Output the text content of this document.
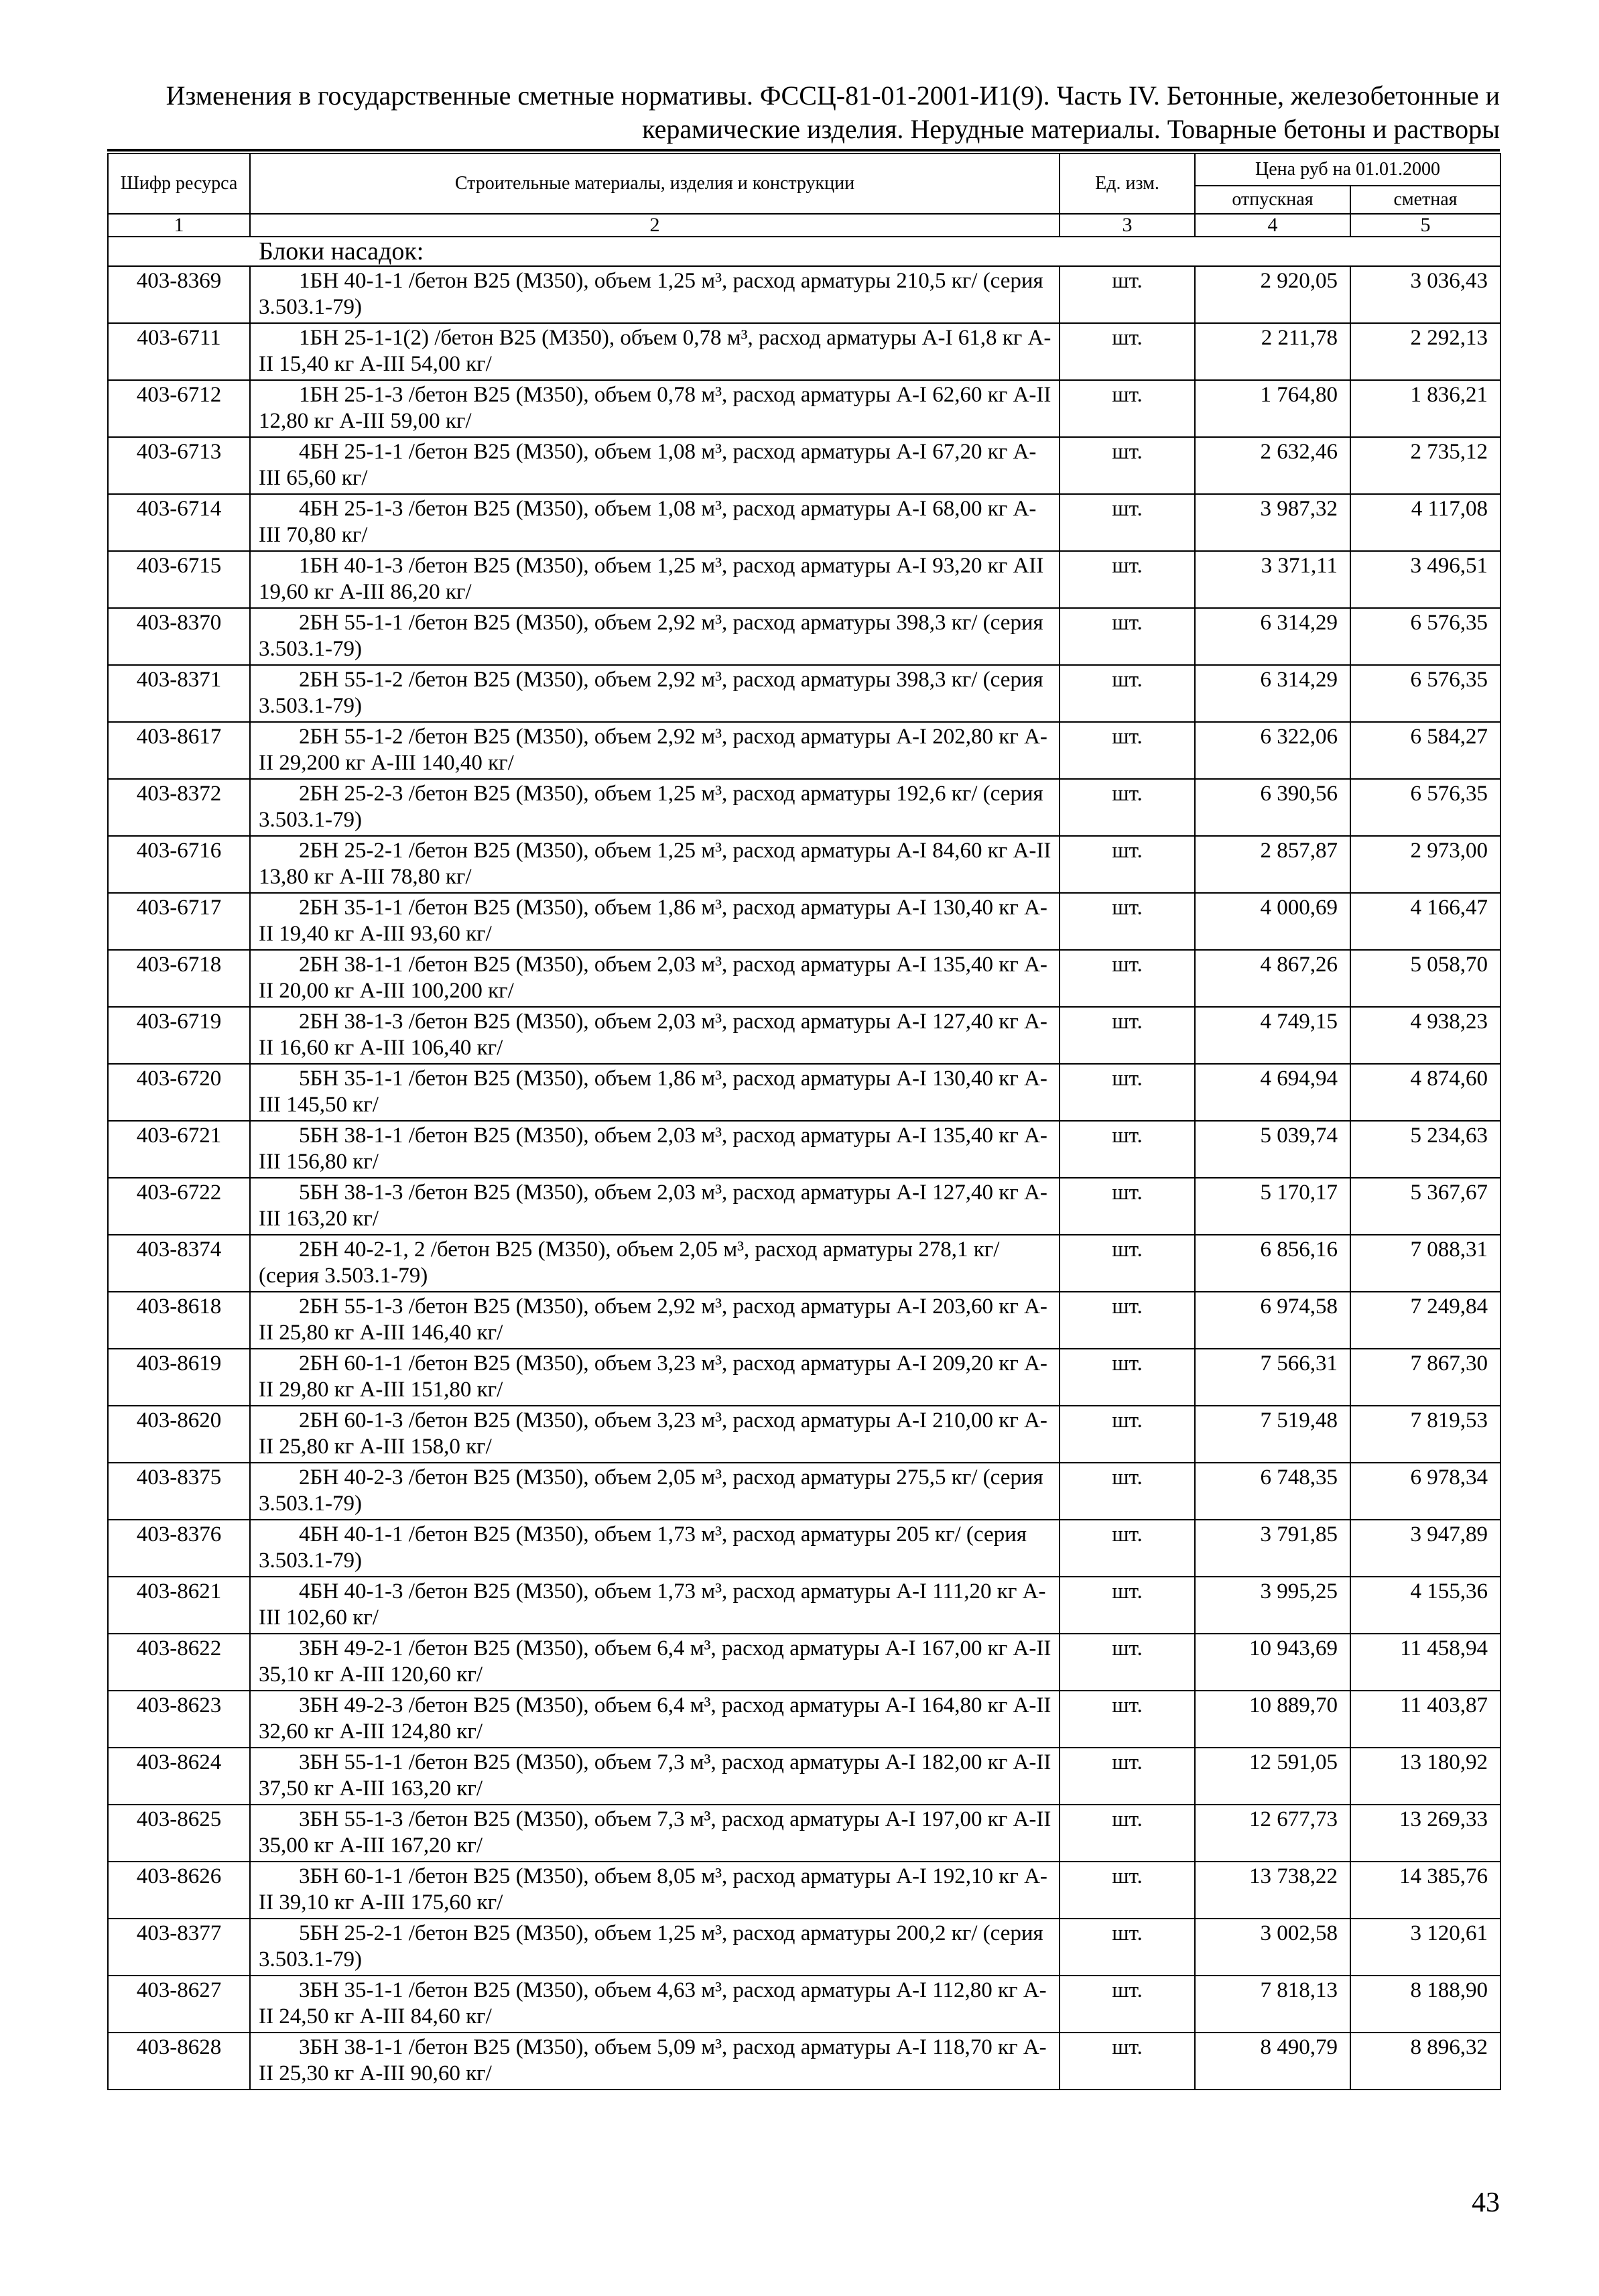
Изменения в государственные сметные нормативы. ФССЦ-81-01-2001-И1(9). Часть IV. Бетонные, железобетонные и
керамические изделия. Нерудные материалы. Товарные бетоны и растворы
Шифр ресурса	Строительные материалы, изделия и конструкции	Ед. изм.	Цена руб на 01.01.2000	
			отпускная	сметная
1	2	3	4	5
Блоки насадок:				
403-8369	1БН 40-1-1 /бетон В25 (М350), объем 1,25 м³, расход арматуры 210,5 кг/ (серия 3.503.1-79)	шт.	2 920,05	3 036,43
403-6711	1БН 25-1-1(2) /бетон В25 (М350), объем 0,78 м³, расход арматуры А-I 61,8 кг А-II 15,40 кг А-III 54,00 кг/	шт.	2 211,78	2 292,13
403-6712	1БН 25-1-3 /бетон В25 (М350), объем 0,78 м³, расход арматуры А-I 62,60 кг А-II 12,80 кг А-III 59,00 кг/	шт.	1 764,80	1 836,21
403-6713	4БН 25-1-1 /бетон В25 (М350), объем 1,08 м³, расход арматуры А-I 67,20 кг А-III 65,60 кг/	шт.	2 632,46	2 735,12
403-6714	4БН 25-1-3 /бетон В25 (М350), объем 1,08 м³, расход арматуры А-I 68,00 кг А-III 70,80 кг/	шт.	3 987,32	4 117,08
403-6715	1БН 40-1-3 /бетон В25 (М350), объем 1,25 м³, расход арматуры А-I 93,20 кг АII 19,60 кг А-III 86,20 кг/	шт.	3 371,11	3 496,51
403-8370	2БН 55-1-1 /бетон В25 (М350), объем 2,92 м³, расход арматуры 398,3 кг/ (серия 3.503.1-79)	шт.	6 314,29	6 576,35
403-8371	2БН 55-1-2 /бетон В25 (М350), объем 2,92 м³, расход арматуры 398,3 кг/ (серия 3.503.1-79)	шт.	6 314,29	6 576,35
403-8617	2БН 55-1-2 /бетон В25 (М350), объем 2,92 м³, расход арматуры А-I 202,80 кг А-II 29,200 кг А-III 140,40 кг/	шт.	6 322,06	6 584,27
403-8372	2БН 25-2-3 /бетон В25 (М350), объем 1,25 м³, расход арматуры 192,6 кг/ (серия 3.503.1-79)	шт.	6 390,56	6 576,35
403-6716	2БН 25-2-1 /бетон В25 (М350), объем 1,25 м³, расход арматуры А-I 84,60 кг А-II 13,80 кг А-III 78,80 кг/	шт.	2 857,87	2 973,00
403-6717	2БН 35-1-1 /бетон В25 (М350), объем 1,86 м³, расход арматуры А-I 130,40 кг А-II 19,40 кг А-III 93,60 кг/	шт.	4 000,69	4 166,47
403-6718	2БН 38-1-1 /бетон В25 (М350), объем 2,03 м³, расход арматуры А-I 135,40 кг А-II 20,00 кг А-III 100,200 кг/	шт.	4 867,26	5 058,70
403-6719	2БН 38-1-3 /бетон В25 (М350), объем 2,03 м³, расход арматуры А-I 127,40 кг А-II 16,60 кг А-III 106,40 кг/	шт.	4 749,15	4 938,23
403-6720	5БН 35-1-1 /бетон В25 (М350), объем 1,86 м³, расход арматуры А-I 130,40 кг А-III 145,50 кг/	шт.	4 694,94	4 874,60
403-6721	5БН 38-1-1 /бетон В25 (М350), объем 2,03 м³, расход арматуры А-I 135,40 кг А-III 156,80 кг/	шт.	5 039,74	5 234,63
403-6722	5БН 38-1-3 /бетон В25 (М350), объем 2,03 м³, расход арматуры А-I 127,40 кг А-III 163,20 кг/	шт.	5 170,17	5 367,67
403-8374	2БН 40-2-1, 2 /бетон В25 (М350), объем 2,05 м³, расход арматуры 278,1 кг/ (серия 3.503.1-79)	шт.	6 856,16	7 088,31
403-8618	2БН 55-1-3 /бетон В25 (М350), объем 2,92 м³, расход арматуры А-I 203,60 кг А-II 25,80 кг А-III 146,40 кг/	шт.	6 974,58	7 249,84
403-8619	2БН 60-1-1 /бетон В25 (М350), объем 3,23 м³, расход арматуры А-I 209,20 кг А-II 29,80 кг А-III 151,80 кг/	шт.	7 566,31	7 867,30
403-8620	2БН 60-1-3 /бетон В25 (М350), объем 3,23 м³, расход арматуры А-I 210,00 кг А-II 25,80 кг А-III 158,0 кг/	шт.	7 519,48	7 819,53
403-8375	2БН 40-2-3 /бетон В25 (М350), объем 2,05 м³, расход арматуры 275,5 кг/ (серия 3.503.1-79)	шт.	6 748,35	6 978,34
403-8376	4БН 40-1-1 /бетон В25 (М350), объем 1,73 м³, расход арматуры 205 кг/ (серия 3.503.1-79)	шт.	3 791,85	3 947,89
403-8621	4БН 40-1-3 /бетон В25 (М350), объем 1,73 м³, расход арматуры А-I 111,20 кг А-III 102,60 кг/	шт.	3 995,25	4 155,36
403-8622	3БН 49-2-1 /бетон В25 (М350), объем 6,4 м³, расход арматуры А-I 167,00 кг А-II 35,10 кг А-III 120,60 кг/	шт.	10 943,69	11 458,94
403-8623	3БН 49-2-3 /бетон В25 (М350), объем 6,4 м³, расход арматуры А-I 164,80 кг А-II 32,60 кг А-III 124,80 кг/	шт.	10 889,70	11 403,87
403-8624	3БН 55-1-1 /бетон В25 (М350), объем 7,3 м³, расход арматуры А-I 182,00 кг А-II 37,50 кг А-III 163,20 кг/	шт.	12 591,05	13 180,92
403-8625	3БН 55-1-3 /бетон В25 (М350), объем 7,3 м³, расход арматуры А-I 197,00 кг А-II 35,00 кг А-III 167,20 кг/	шт.	12 677,73	13 269,33
403-8626	3БН 60-1-1 /бетон В25 (М350), объем 8,05 м³, расход арматуры А-I 192,10 кг А-II 39,10 кг А-III 175,60 кг/	шт.	13 738,22	14 385,76
403-8377	5БН 25-2-1 /бетон В25 (М350), объем 1,25 м³, расход арматуры 200,2 кг/ (серия 3.503.1-79)	шт.	3 002,58	3 120,61
403-8627	3БН 35-1-1 /бетон В25 (М350), объем 4,63 м³, расход арматуры А-I 112,80 кг А-II 24,50 кг А-III 84,60 кг/	шт.	7 818,13	8 188,90
403-8628	3БН 38-1-1 /бетон В25 (М350), объем 5,09 м³, расход арматуры А-I 118,70 кг А-II 25,30 кг А-III 90,60 кг/	шт.	8 490,79	8 896,32
43
